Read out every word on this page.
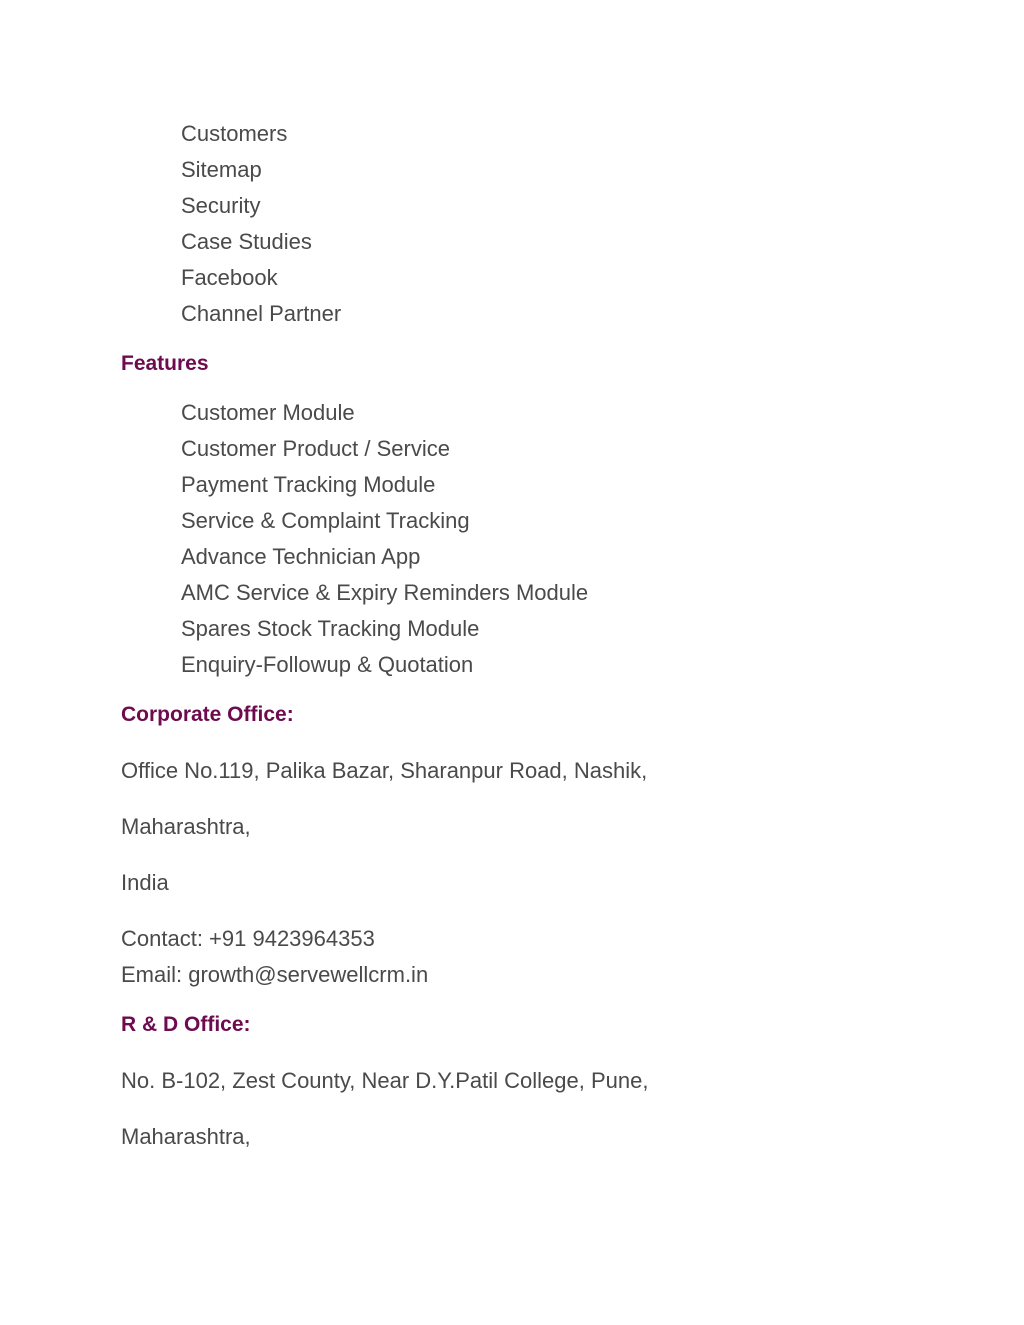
Customers
Sitemap
Security
Case Studies
Facebook
Channel Partner
Features
Customer Module
Customer Product / Service
Payment Tracking Module
Service & Complaint Tracking
Advance Technician App
AMC Service & Expiry Reminders Module
Spares Stock Tracking Module
Enquiry-Followup & Quotation
Corporate Office:
Office No.119, Palika Bazar, Sharanpur Road, Nashik,
Maharashtra,
India
Contact: +91 9423964353
Email: growth@servewellcrm.in
R & D Office:
No. B-102, Zest County, Near D.Y.Patil College, Pune,
Maharashtra,
